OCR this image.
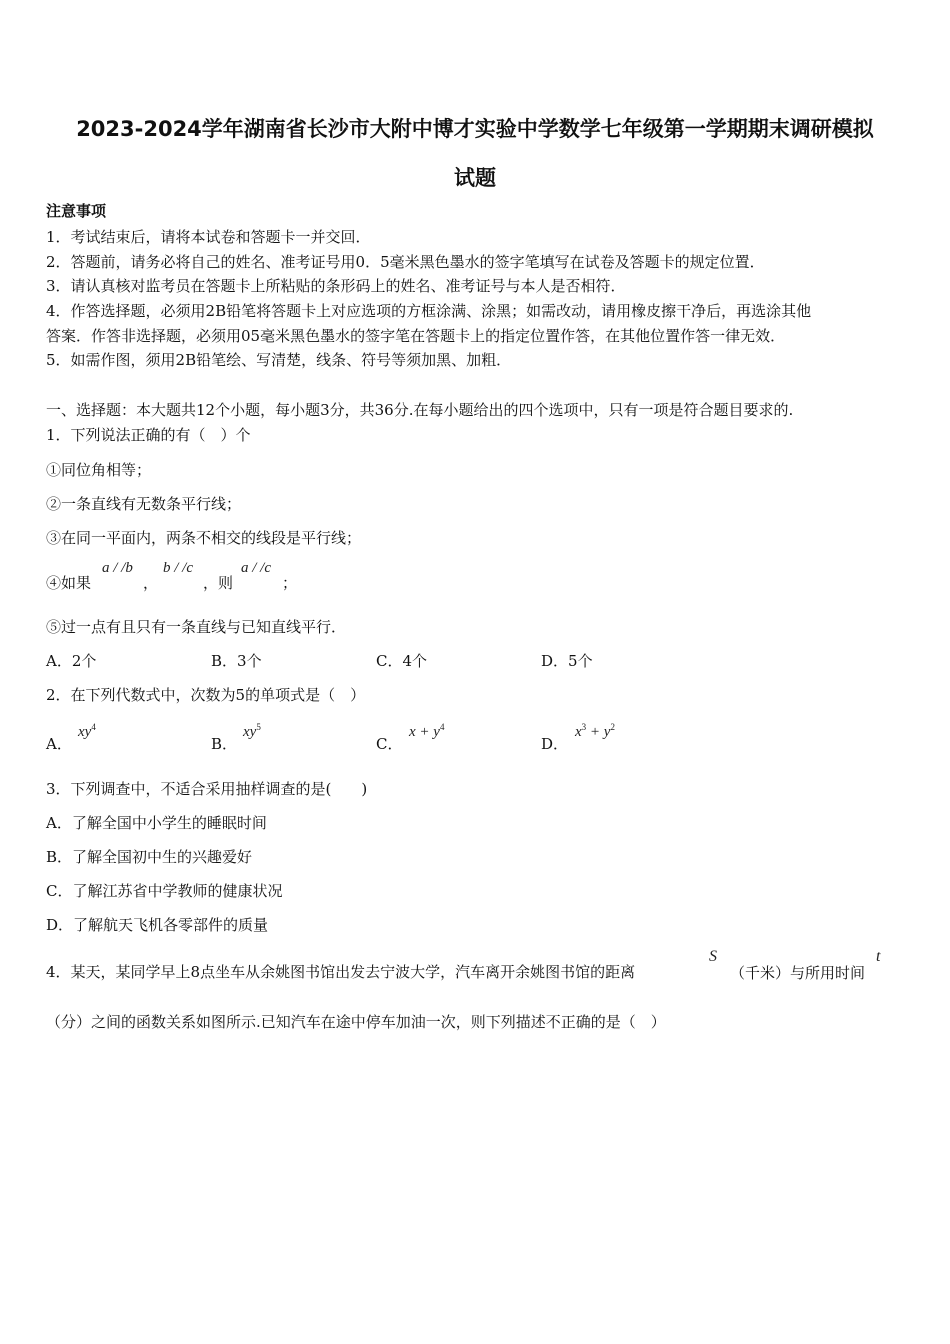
2023-2024学年湖南省长沙市大附中博才实验中学数学七年级第一学期期末调研模拟
试题
注意事项
1．考试结束后，请将本试卷和答题卡一并交回．
2．答题前，请务必将自己的姓名、准考证号用0．5毫米黑色墨水的签字笔填写在试卷及答题卡的规定位置．
3．请认真核对监考员在答题卡上所粘贴的条形码上的姓名、准考证号与本人是否相符．
4．作答选择题，必须用2B铅笔将答题卡上对应选项的方框涂满、涂黑；如需改动，请用橡皮擦干净后，再选涂其他
答案．作答非选择题，必须用05毫米黑色墨水的签字笔在答题卡上的指定位置作答，在其他位置作答一律无效．
5．如需作图，须用2B铅笔绘、写清楚，线条、符号等须加黑、加粗．
一、选择题：本大题共12个小题，每小题3分，共36分.在每小题给出的四个选项中，只有一项是符合题目要求的.
1．下列说法正确的有（　）个
①同位角相等；
②一条直线有无数条平行线；
③在同一平面内，两条不相交的线段是平行线；
④如果
a / /b
，
b / /c
，则
a / /c
；
⑤过一点有且只有一条直线与已知直线平行．
A．2个	B．3个	C．4个	D．5个
2．在下列代数式中，次数为5的单项式是（　）
A．
$xy^4$
B．
$xy^5$
C．
$x + y^4$
D．
$x^3 + y^2$
3．下列调查中，不适合采用抽样调查的是(　　)
A．了解全国中小学生的睡眠时间
B．了解全国初中生的兴趣爱好
C．了解江苏省中学教师的健康状况
D．了解航天飞机各零部件的质量
4．某天，某同学早上8点坐车从余姚图书馆出发去宁波大学，汽车离开余姚图书馆的距离
S
（千米）与所用时间
t
（分）之间的函数关系如图所示.已知汽车在途中停车加油一次，则下列描述不正确的是（　）
